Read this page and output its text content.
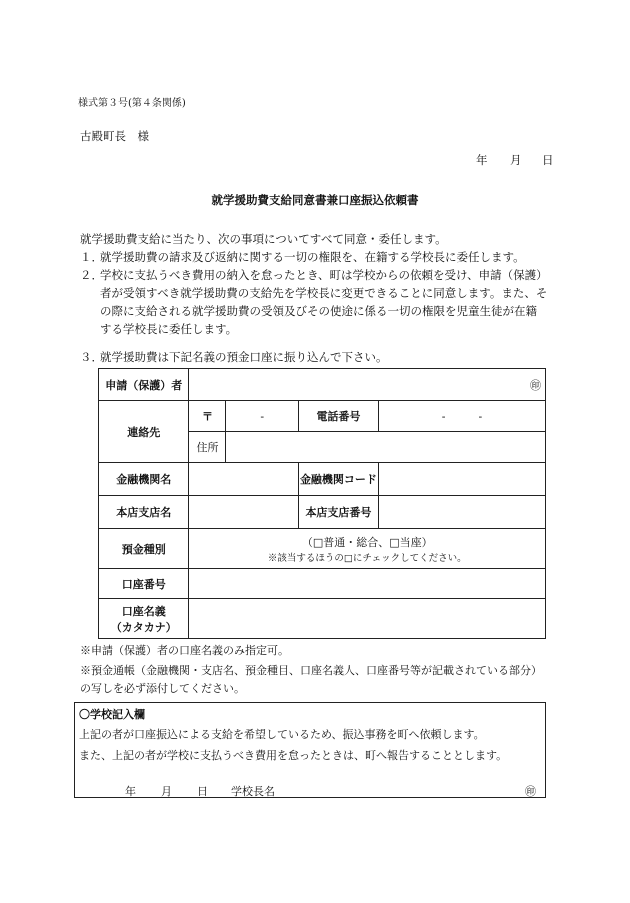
様式第３号(第４条関係)
古殿町長　様
年 月 日
就学援助費支給同意書兼口座振込依頼書
就学援助費支給に当たり、次の事項についてすべて同意・委任します。
１．
就学援助費の請求及び返納に関する一切の権限を、在籍する学校長に委任します。
２．
学校に支払うべき費用の納入を怠ったとき、町は学校からの依頼を受け、申請（保護）者が受領すべき就学援助費の支給先を学校長に変更できることに同意します。また、その際に支給される就学援助費の受領及びその使途に係る一切の権限を児童生徒が在籍する学校長に委任します。
３．
就学援助費は下記名義の預金口座に振り込んで下さい。
申請（保護）者	㊞			

連絡先	〒	-	電話番号	-　　　-
	住所			
金融機関名			金融機関コード	
本店支店名			本店支店番号	
預金種別	（□普通・総合、□当座）
※該当するほうの□にチェックしてください。			

口座番号				

口座名義
（カタカナ）				

※申請（保護）者の口座名義のみ指定可。
※預金通帳（金融機関・支店名、預金種目、口座名義人、口座番号等が記載されている部分）の写しを必ず添付してください。
〇学校記入欄
上記の者が口座振込による支給を希望しているため、振込事務を町へ依頼します。
また、上記の者が学校に支払うべき費用を怠ったときは、町へ報告することとします。
年 月 日 学校長名	㊞
